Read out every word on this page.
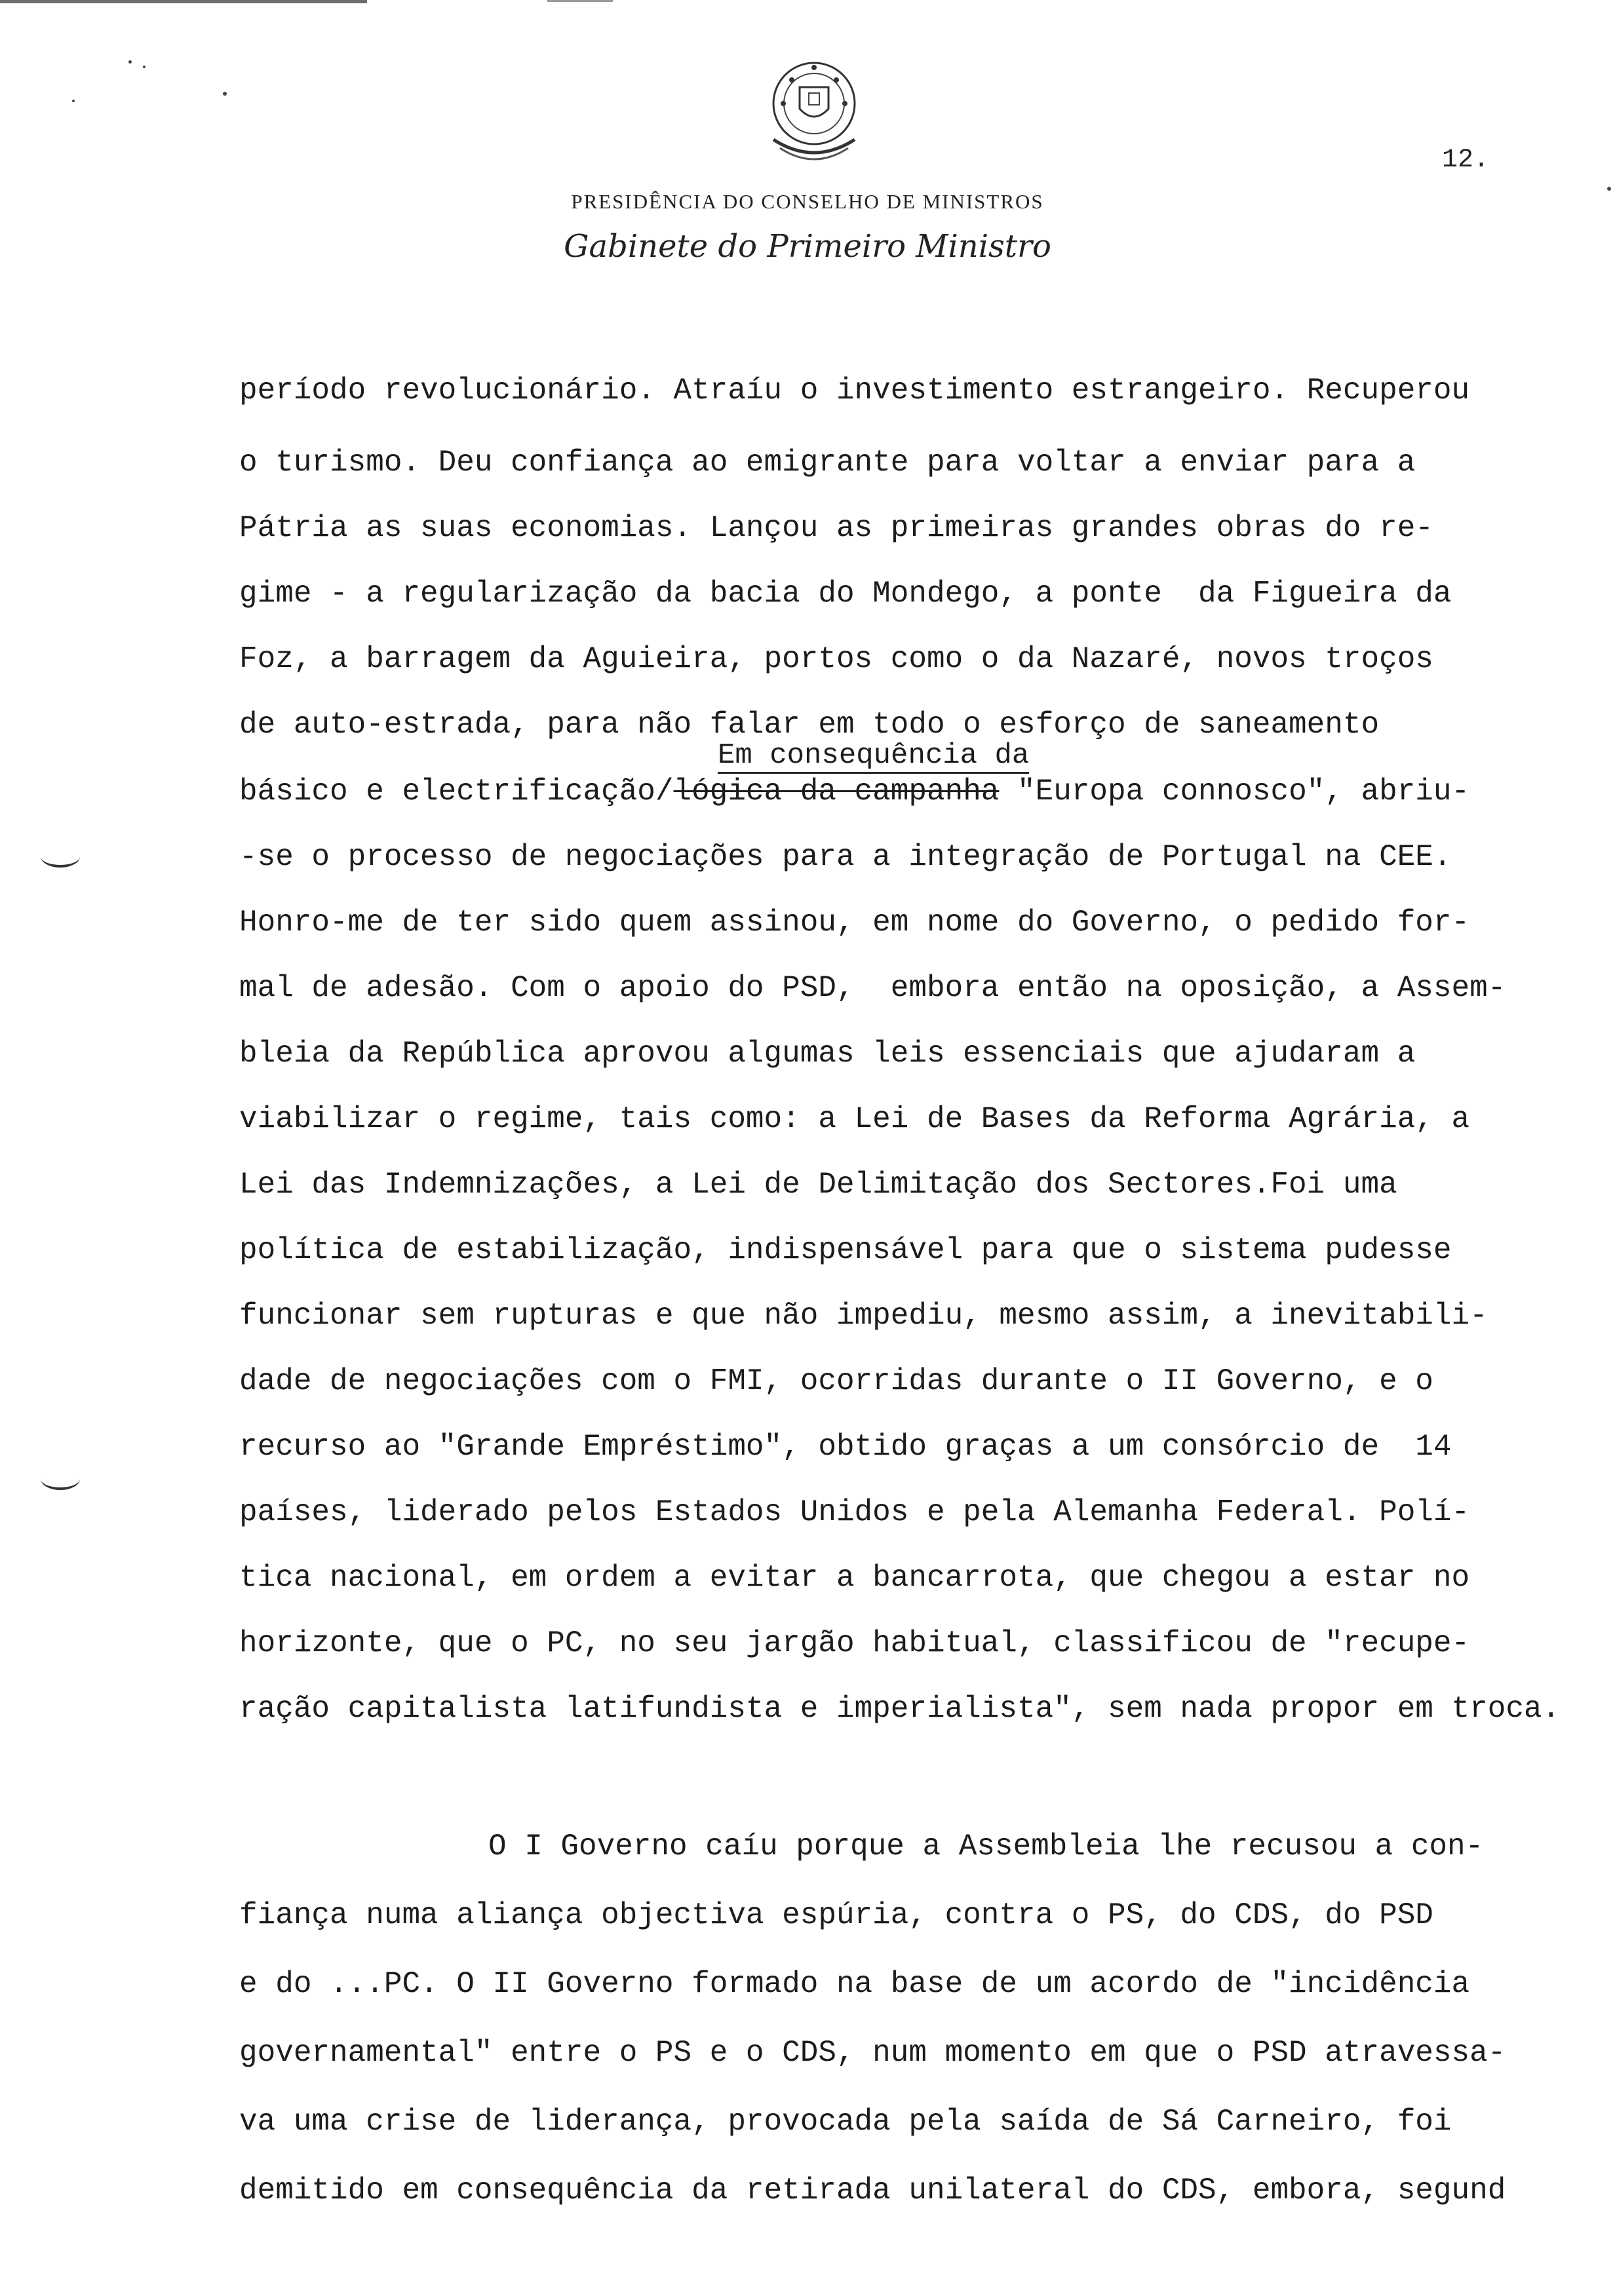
12.
PRESIDÊNCIA DO CONSELHO DE MINISTROS
Gabinete do Primeiro Ministro

período revolucionário. Atraíu o investimento estrangeiro. Recuperou

o turismo. Deu confiança ao emigrante para voltar a enviar para a

Pátria as suas economias. Lançou as primeiras grandes obras do re-

gime - a regularização da bacia do Mondego, a ponte  da Figueira da

Foz, a barragem da Aguieira, portos como o da Nazaré, novos troços

de auto-estrada, para não falar em todo o esforço de saneamento

Em consequência da

básico e electrificação/lógica da campanha "Europa connosco", abriu-

-se o processo de negociações para a integração de Portugal na CEE.

Honro-me de ter sido quem assinou, em nome do Governo, o pedido for-

mal de adesão. Com o apoio do PSD,  embora então na oposição, a Assem-

bleia da República aprovou algumas leis essenciais que ajudaram a

viabilizar o regime, tais como: a Lei de Bases da Reforma Agrária, a

Lei das Indemnizações, a Lei de Delimitação dos Sectores.Foi uma

política de estabilização, indispensável para que o sistema pudesse

funcionar sem rupturas e que não impediu, mesmo assim, a inevitabili-

dade de negociações com o FMI, ocorridas durante o II Governo, e o

recurso ao "Grande Empréstimo", obtido graças a um consórcio de  14

países, liderado pelos Estados Unidos e pela Alemanha Federal. Polí-

tica nacional, em ordem a evitar a bancarrota, que chegou a estar no

horizonte, que o PC, no seu jargão habitual, classificou de "recupe-

ração capitalista latifundista e imperialista", sem nada propor em troca.

O I Governo caíu porque a Assembleia lhe recusou a con-

fiança numa aliança objectiva espúria, contra o PS, do CDS, do PSD

e do ...PC. O II Governo formado na base de um acordo de "incidência

governamental" entre o PS e o CDS, num momento em que o PSD atravessa-

va uma crise de liderança, provocada pela saída de Sá Carneiro, foi

demitido em consequência da retirada unilateral do CDS, embora, segund
